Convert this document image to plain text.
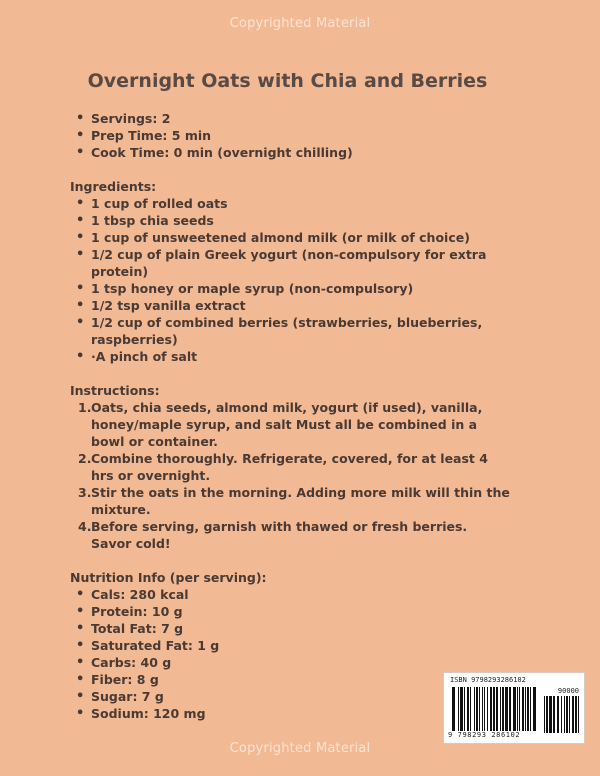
Copyrighted Material
Overnight Oats with Chia and Berries
• Servings: 2
• Prep Time: 5 min
• Cook Time: 0 min (overnight chilling)
Ingredients:
• 1 cup of rolled oats
• 1 tbsp chia seeds
• 1 cup of unsweetened almond milk (or milk of choice)
• 1/2 cup of plain Greek yogurt (non-compulsory for extra protein)
• 1 tsp honey or maple syrup (non-compulsory)
• 1/2 tsp vanilla extract
• 1/2 cup of combined berries (strawberries, blueberries, raspberries)
• ·A pinch of salt
Instructions:
1. Oats, chia seeds, almond milk, yogurt (if used), vanilla, honey/maple syrup, and salt Must all be combined in a bowl or container.
2. Combine thoroughly. Refrigerate, covered, for at least 4 hrs or overnight.
3. Stir the oats in the morning. Adding more milk will thin the mixture.
4. Before serving, garnish with thawed or fresh berries. Savor cold!
Nutrition Info (per serving):
• Cals: 280 kcal
• Protein: 10 g
• Total Fat: 7 g
• Saturated Fat: 1 g
• Carbs: 40 g
• Fiber: 8 g
• Sugar: 7 g
• Sodium: 120 mg
ISBN 9798293286102
90000
9 798293 286102
Copyrighted Material
